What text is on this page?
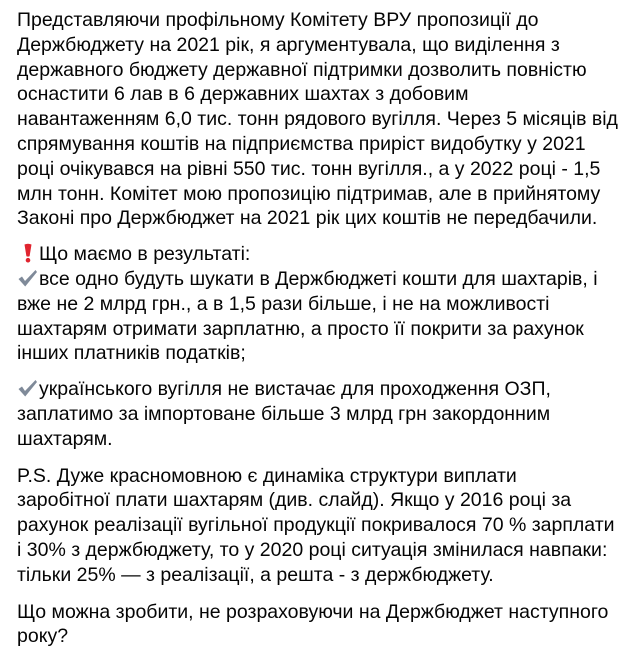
Представляючи профільному Комітету ВРУ пропозиції до
Держбюджету на 2021 рік, я аргументувала, що виділення з
державного бюджету державної підтримки дозволить повністю
оснастити 6 лав в 6 державних шахтах з добовим
навантаженням 6,0 тис. тонн рядового вугілля. Через 5 місяців від
спрямування коштів на підприємства приріст видобутку у 2021
році очікувався на рівні 550 тис. тонн вугілля., а у 2022 році - 1,5
млн тонн. Комітет мою пропозицію підтримав, але в прийнятому
Законі про Держбюджет на 2021 рік цих коштів не передбачили.
Що маємо в результаті:
все одно будуть шукати в Держбюджеті кошти для шахтарів, і
вже не 2 млрд грн., а в 1,5 рази більше, і не на можливості
шахтарям отримати зарплатню, а просто її покрити за рахунок
інших платників податків;
українського вугілля не вистачає для проходження ОЗП,
заплатимо за імпортоване більше 3 млрд грн закордонним
шахтарям.
P.S. Дуже красномовною є динаміка структури виплати
заробітної плати шахтарям (див. слайд). Якщо у 2016 році за
рахунок реалізації вугільної продукції покривалося 70 % зарплати
і 30% з держбюджету, то у 2020 році ситуація змінилася навпаки:
тільки 25% — з реалізації, а решта - з держбюджету.
Що можна зробити, не розраховуючи на Держбюджет наступного
року?
